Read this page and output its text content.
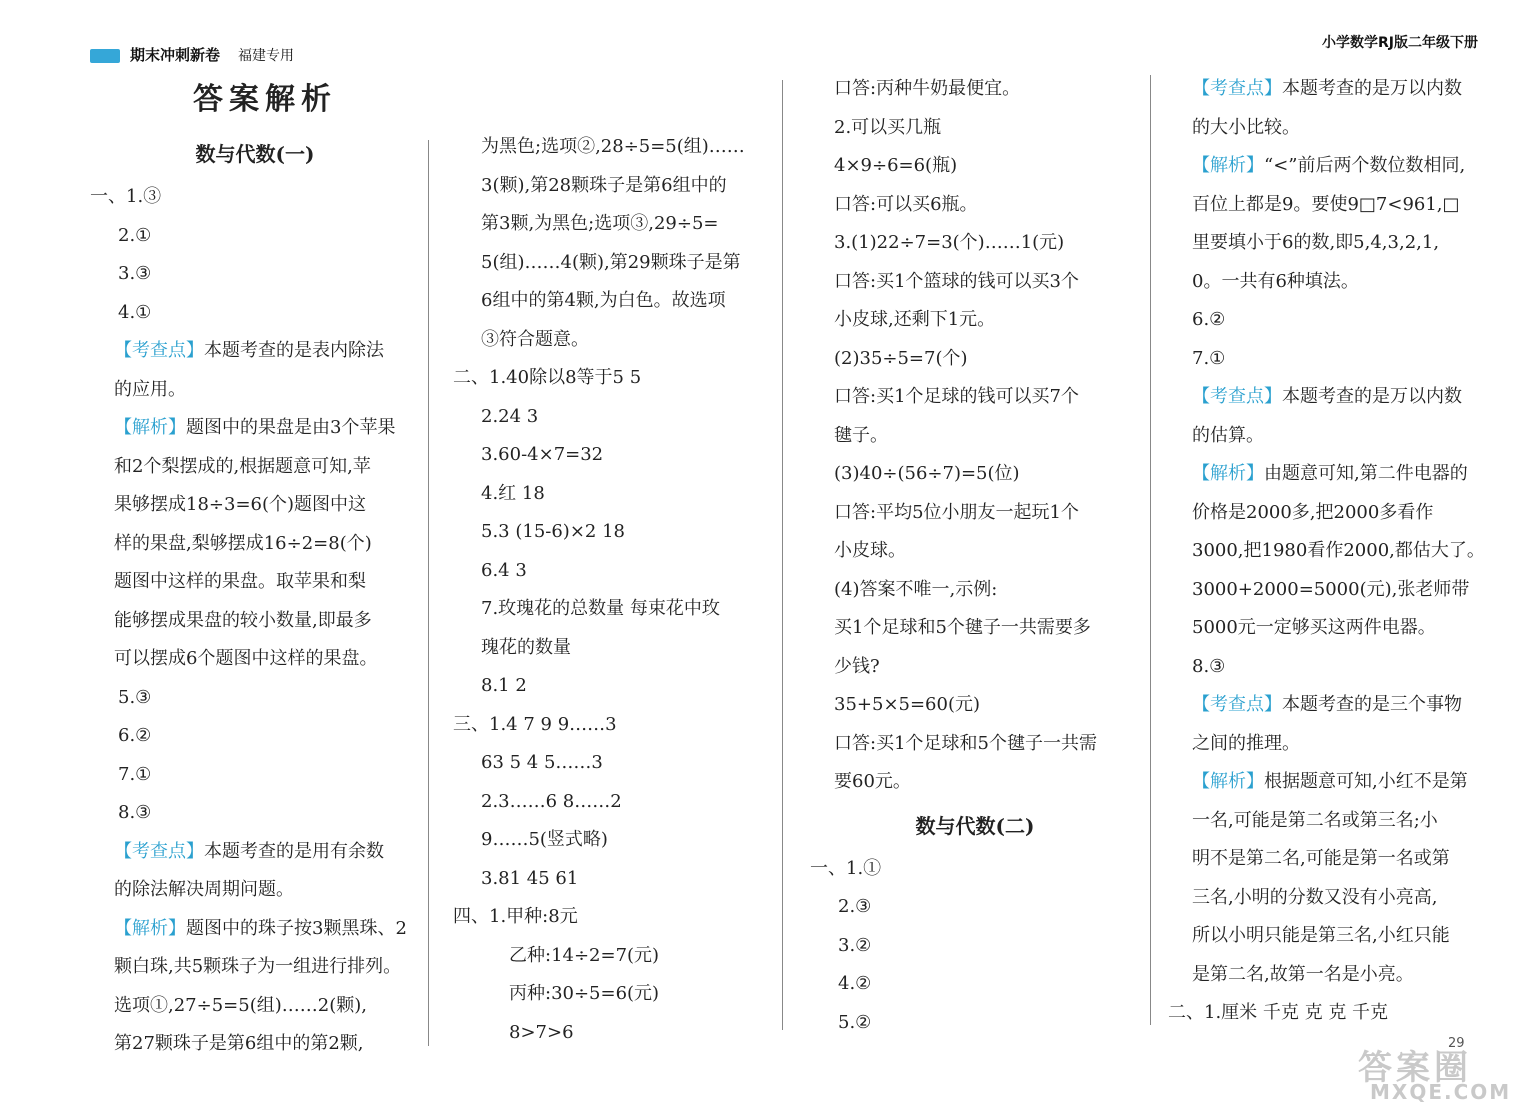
期末冲刺新卷 福建专用
小学数学RJ版二年级下册
答案解析
数与代数(一)
一、1.③
2.①
3.③
4.①
【考查点】本题考查的是表内除法
的应用。
【解析】题图中的果盘是由3个苹果
和2个梨摆成的,根据题意可知,苹
果够摆成18÷3=6(个)题图中这
样的果盘,梨够摆成16÷2=8(个)
题图中这样的果盘。取苹果和梨
能够摆成果盘的较小数量,即最多
可以摆成6个题图中这样的果盘。
5.③
6.②
7.①
8.③
【考查点】本题考查的是用有余数
的除法解决周期问题。
【解析】题图中的珠子按3颗黑珠、2
颗白珠,共5颗珠子为一组进行排列。
选项①,27÷5=5(组)……2(颗),
第27颗珠子是第6组中的第2颗,
为黑色;选项②,28÷5=5(组)……
3(颗),第28颗珠子是第6组中的
第3颗,为黑色;选项③,29÷5=
5(组)……4(颗),第29颗珠子是第
6组中的第4颗,为白色。故选项
③符合题意。
二、1.40除以8等于5 5
2.24 3
3.60-4×7=32
4.红 18
5.3 (15-6)×2 18
6.4 3
7.玫瑰花的总数量 每束花中玫
瑰花的数量
8.1 2
三、1.4 7 9 9……3
63 5 4 5……3
2.3……6 8……2
9……5(竖式略)
3.81 45 61
四、1.甲种:8元
乙种:14÷2=7(元)
丙种:30÷5=6(元)
8>7>6
口答:丙种牛奶最便宜。
2.可以买几瓶
4×9÷6=6(瓶)
口答:可以买6瓶。
3.(1)22÷7=3(个)……1(元)
口答:买1个篮球的钱可以买3个
小皮球,还剩下1元。
(2)35÷5=7(个)
口答:买1个足球的钱可以买7个
毽子。
(3)40÷(56÷7)=5(位)
口答:平均5位小朋友一起玩1个
小皮球。
(4)答案不唯一,示例:
买1个足球和5个毽子一共需要多
少钱?
35+5×5=60(元)
口答:买1个足球和5个毽子一共需
要60元。
数与代数(二)
一、1.①
2.③
3.②
4.②
5.②
【考查点】本题考查的是万以内数
的大小比较。
【解析】“<”前后两个数位数相同,
百位上都是9。要使9□7<961,□
里要填小于6的数,即5,4,3,2,1,
0。一共有6种填法。
6.②
7.①
【考查点】本题考查的是万以内数
的估算。
【解析】由题意可知,第二件电器的
价格是2000多,把2000多看作
3000,把1980看作2000,都估大了。
3000+2000=5000(元),张老师带
5000元一定够买这两件电器。
8.③
【考查点】本题考查的是三个事物
之间的推理。
【解析】根据题意可知,小红不是第
一名,可能是第二名或第三名;小
明不是第二名,可能是第一名或第
三名,小明的分数又没有小亮高,
所以小明只能是第三名,小红只能
是第二名,故第一名是小亮。
二、1.厘米 千克 克 克 千克
答案圈
MXQE.COM
29
